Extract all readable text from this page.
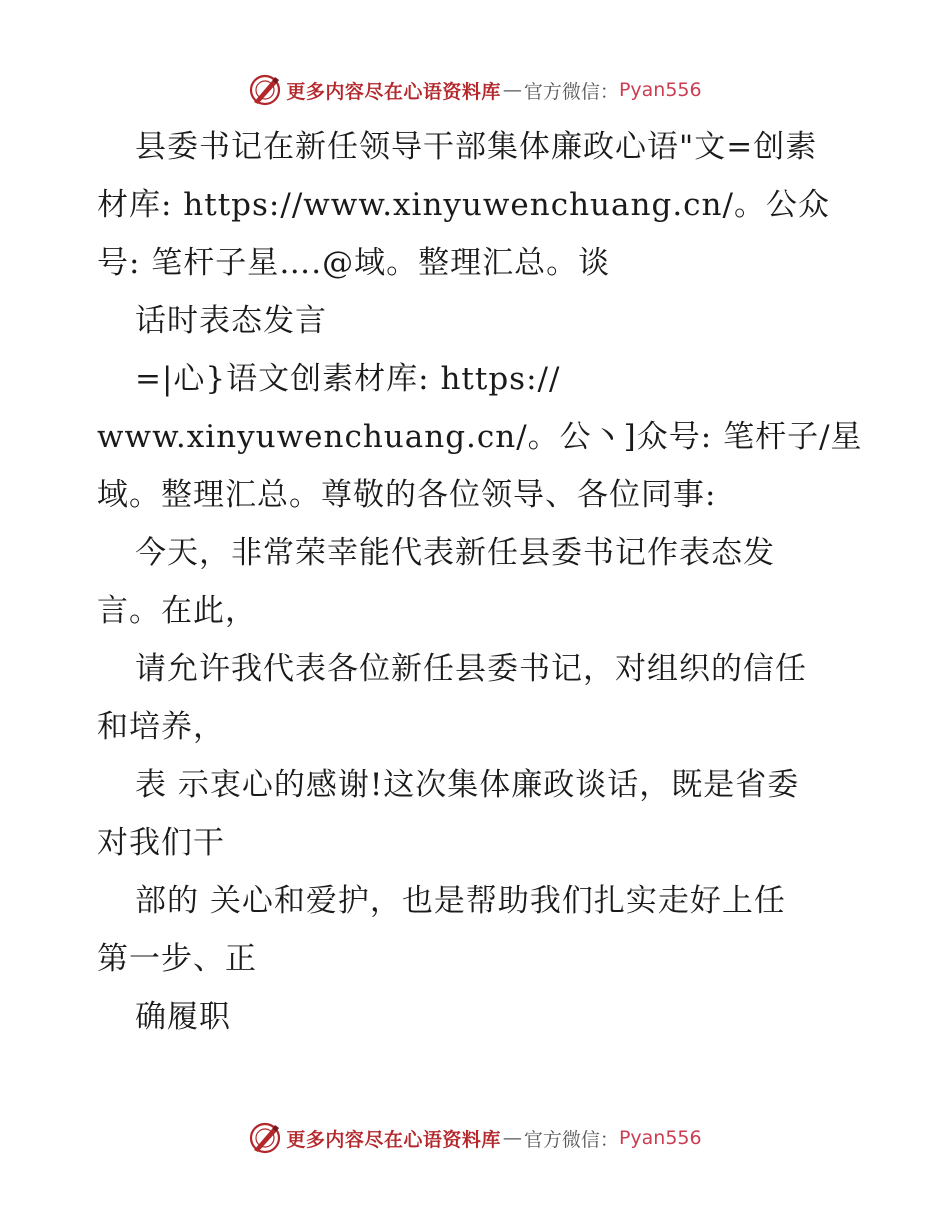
更多内容尽在心语资料库 — 官方微信： Pyan556
县委书记在新任领导干部集体廉政心语"文=创素
材库: https://www.xinyuwenchuang.cn/。公众
号: 笔杆子星….@域。整理汇总。谈
话时表态发言
=|心}语文创素材库: https://
www.xinyuwenchuang.cn/。公丶]众号: 笔杆子/星
域。整理汇总。尊敬的各位领导、各位同事:
今天，非常荣幸能代表新任县委书记作表态发
言。在此，
请允许我代表各位新任县委书记，对组织的信任
和培养，
表 示衷心的感谢!这次集体廉政谈话，既是省委
对我们干
部的 关心和爱护，也是帮助我们扎实走好上任
第一步、正
确履职
更多内容尽在心语资料库 — 官方微信： Pyan556
